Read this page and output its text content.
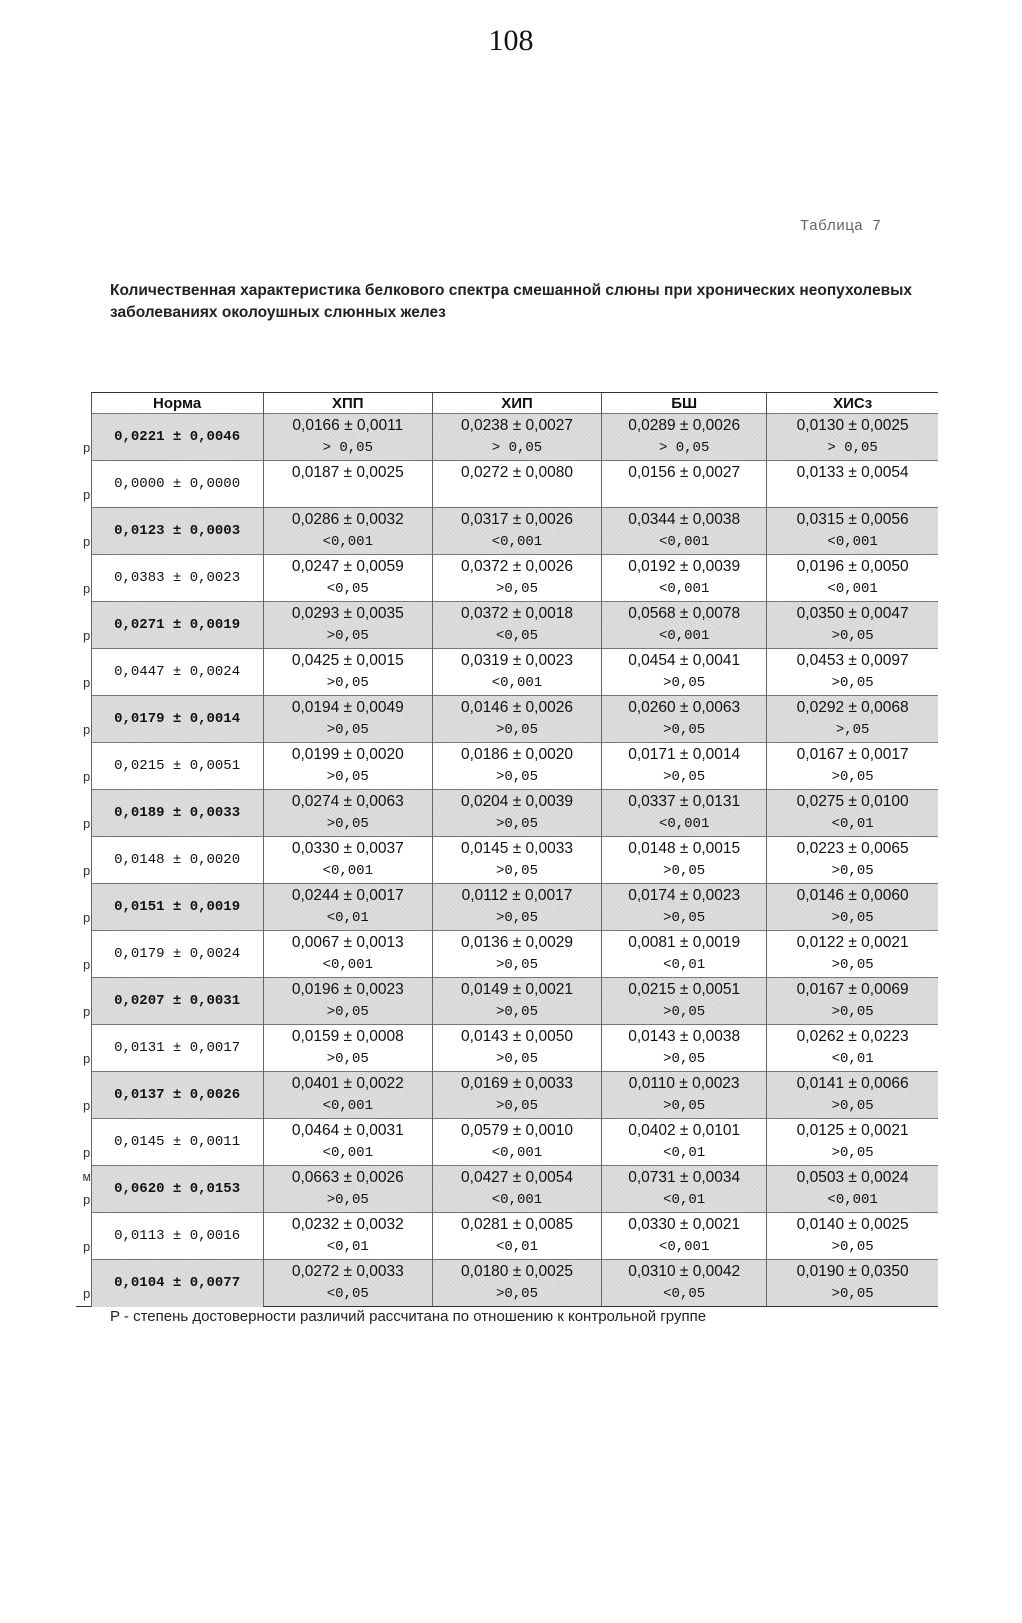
108
Таблица 7
Количественная характеристика белкового спектра смешанной слюны при хронических неопухолевых заболеваниях околоушных слюнных желез
	Норма	ХПП	ХИП	БШ	ХИСз
	0,0221 ± 0,0046	0,0166 ± 0,0011	0,0238 ± 0,0027	0,0289 ± 0,0026	0,0130 ± 0,0025
p		> 0,05	> 0,05	> 0,05	> 0,05
	0,0000 ± 0,0000	0,0187 ± 0,0025	0,0272 ± 0,0080	0,0156 ± 0,0027	0,0133 ± 0,0054
p					
	0,0123 ± 0,0003	0,0286 ± 0,0032	0,0317 ± 0,0026	0,0344 ± 0,0038	0,0315 ± 0,0056
p		<0,001	<0,001	<0,001	<0,001
	0,0383 ± 0,0023	0,0247 ± 0,0059	0,0372 ± 0,0026	0,0192 ± 0,0039	0,0196 ± 0,0050
p		<0,05	>0,05	<0,001	<0,001
	0,0271 ± 0,0019	0,0293 ± 0,0035	0,0372 ± 0,0018	0,0568 ± 0,0078	0,0350 ± 0,0047
p		>0,05	<0,05	<0,001	>0,05
	0,0447 ± 0,0024	0,0425 ± 0,0015	0,0319 ± 0,0023	0,0454 ± 0,0041	0,0453 ± 0,0097
p		>0,05	<0,001	>0,05	>0,05
	0,0179 ± 0,0014	0,0194 ± 0,0049	0,0146 ± 0,0026	0,0260 ± 0,0063	0,0292 ± 0,0068
p		>0,05	>0,05	>0,05	>,05
	0,0215 ± 0,0051	0,0199 ± 0,0020	0,0186 ± 0,0020	0,0171 ± 0,0014	0,0167 ± 0,0017
p		>0,05	>0,05	>0,05	>0,05
	0,0189 ± 0,0033	0,0274 ± 0,0063	0,0204 ± 0,0039	0,0337 ± 0,0131	0,0275 ± 0,0100
p		>0,05	>0,05	<0,001	<0,01
	0,0148 ± 0,0020	0,0330 ± 0,0037	0,0145 ± 0,0033	0,0148 ± 0,0015	0,0223 ± 0,0065
p		<0,001	>0,05	>0,05	>0,05
	0,0151 ± 0,0019	0,0244 ± 0,0017	0,0112 ± 0,0017	0,0174 ± 0,0023	0,0146 ± 0,0060
p		<0,01	>0,05	>0,05	>0,05
	0,0179 ± 0,0024	0,0067 ± 0,0013	0,0136 ± 0,0029	0,0081 ± 0,0019	0,0122 ± 0,0021
p		<0,001	>0,05	<0,01	>0,05
	0,0207 ± 0,0031	0,0196 ± 0,0023	0,0149 ± 0,0021	0,0215 ± 0,0051	0,0167 ± 0,0069
p		>0,05	>0,05	>0,05	>0,05
	0,0131 ± 0,0017	0,0159 ± 0,0008	0,0143 ± 0,0050	0,0143 ± 0,0038	0,0262 ± 0,0223
p		>0,05	>0,05	>0,05	<0,01
	0,0137 ± 0,0026	0,0401 ± 0,0022	0,0169 ± 0,0033	0,0110 ± 0,0023	0,0141 ± 0,0066
p		<0,001	>0,05	>0,05	>0,05
	0,0145 ± 0,0011	0,0464 ± 0,0031	0,0579 ± 0,0010	0,0402 ± 0,0101	0,0125 ± 0,0021
p		<0,001	<0,001	<0,01	>0,05
м	0,0620 ± 0,0153	0,0663 ± 0,0026	0,0427 ± 0,0054	0,0731 ± 0,0034	0,0503 ± 0,0024
p		>0,05	<0,001	<0,01	<0,001
	0,0113 ± 0,0016	0,0232 ± 0,0032	0,0281 ± 0,0085	0,0330 ± 0,0021	0,0140 ± 0,0025
p		<0,01	<0,01	<0,001	>0,05
	0,0104 ± 0,0077	0,0272 ± 0,0033	0,0180 ± 0,0025	0,0310 ± 0,0042	0,0190 ± 0,0350
p		<0,05	>0,05	<0,05	>0,05
P - степень достоверности различий рассчитана по отношению к контрольной группе
